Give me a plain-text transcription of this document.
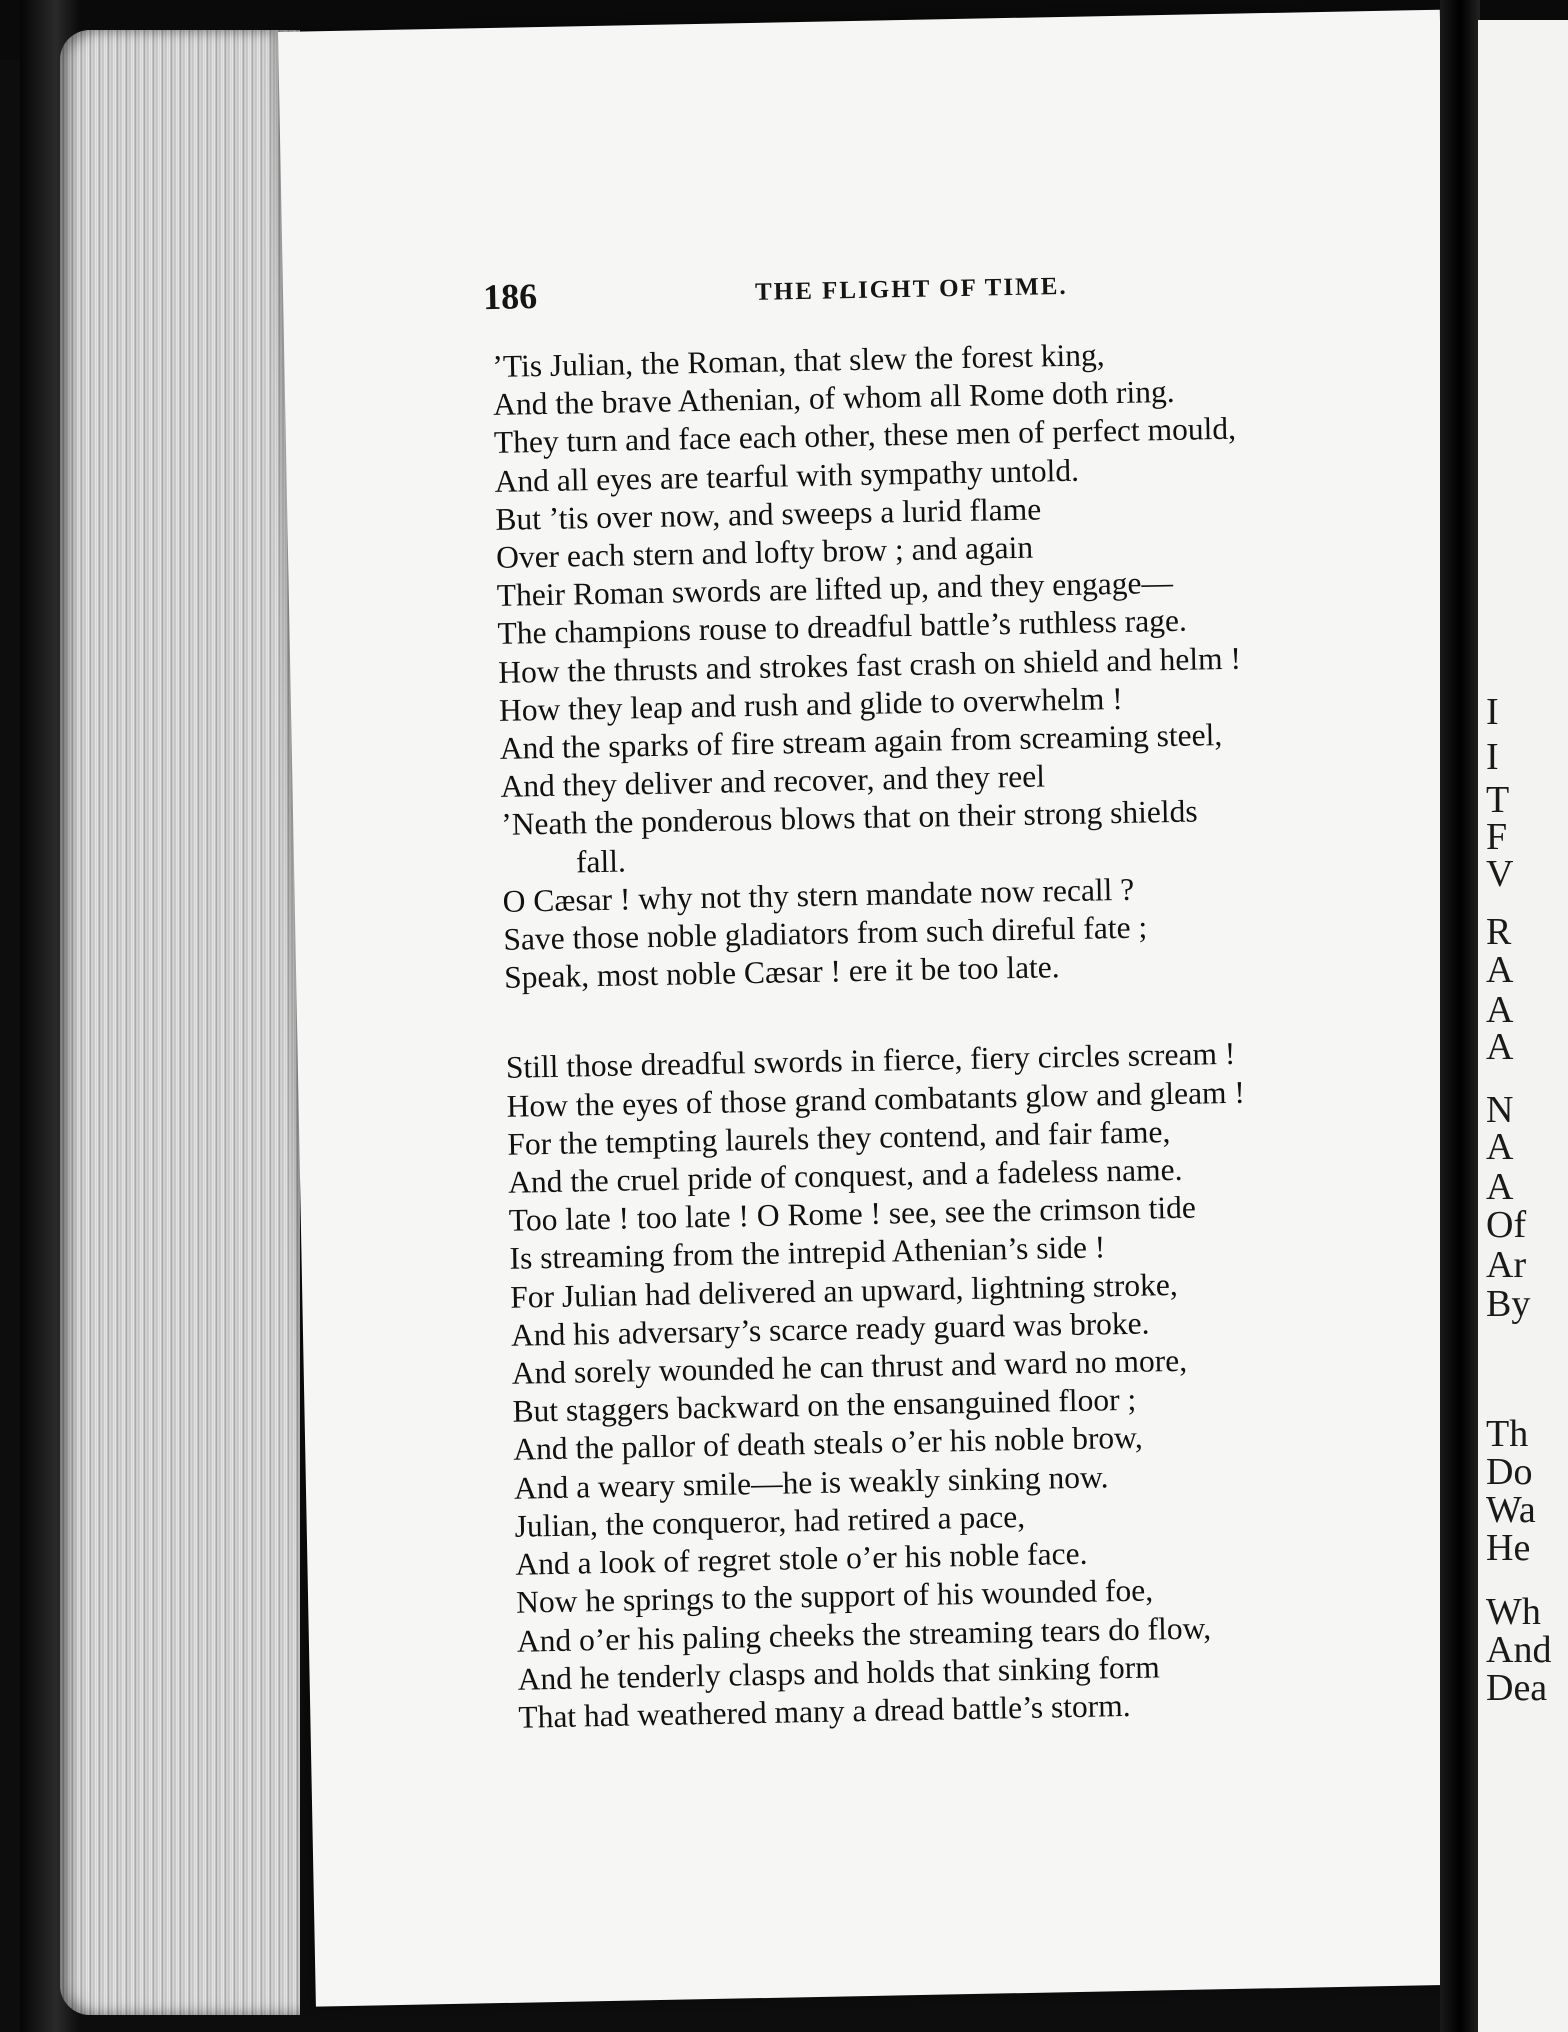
186	THE FLIGHT OF TIME.
’Tis Julian, the Roman, that slew the forest king,
And the brave Athenian, of whom all Rome doth ring.
They turn and face each other, these men of perfect mould,
And all eyes are tearful with sympathy untold.
But ’tis over now, and sweeps a lurid flame
Over each stern and lofty brow ; and again
Their Roman swords are lifted up, and they engage—
The champions rouse to dreadful battle’s ruthless rage.
How the thrusts and strokes fast crash on shield and helm !
How they leap and rush and glide to overwhelm !
And the sparks of fire stream again from screaming steel,
And they deliver and recover, and they reel
’Neath the ponderous blows that on their strong shields
fall.
O Cæsar ! why not thy stern mandate now recall ?
Save those noble gladiators from such direful fate ;
Speak, most noble Cæsar ! ere it be too late.
Still those dreadful swords in fierce, fiery circles scream !
How the eyes of those grand combatants glow and gleam !
For the tempting laurels they contend, and fair fame,
And the cruel pride of conquest, and a fadeless name.
Too late ! too late ! O Rome ! see, see the crimson tide
Is streaming from the intrepid Athenian’s side !
For Julian had delivered an upward, lightning stroke,
And his adversary’s scarce ready guard was broke.
And sorely wounded he can thrust and ward no more,
But staggers backward on the ensanguined floor ;
And the pallor of death steals o’er his noble brow,
And a weary smile—he is weakly sinking now.
Julian, the conqueror, had retired a pace,
And a look of regret stole o’er his noble face.
Now he springs to the support of his wounded foe,
And o’er his paling cheeks the streaming tears do flow,
And he tenderly clasps and holds that sinking form
That had weathered many a dread battle’s storm.
I
I
T
F
V
R
A
A
A
N
A
A
Of
Ar
By
Th
Do
Wa
He
Wh
And
Dea
